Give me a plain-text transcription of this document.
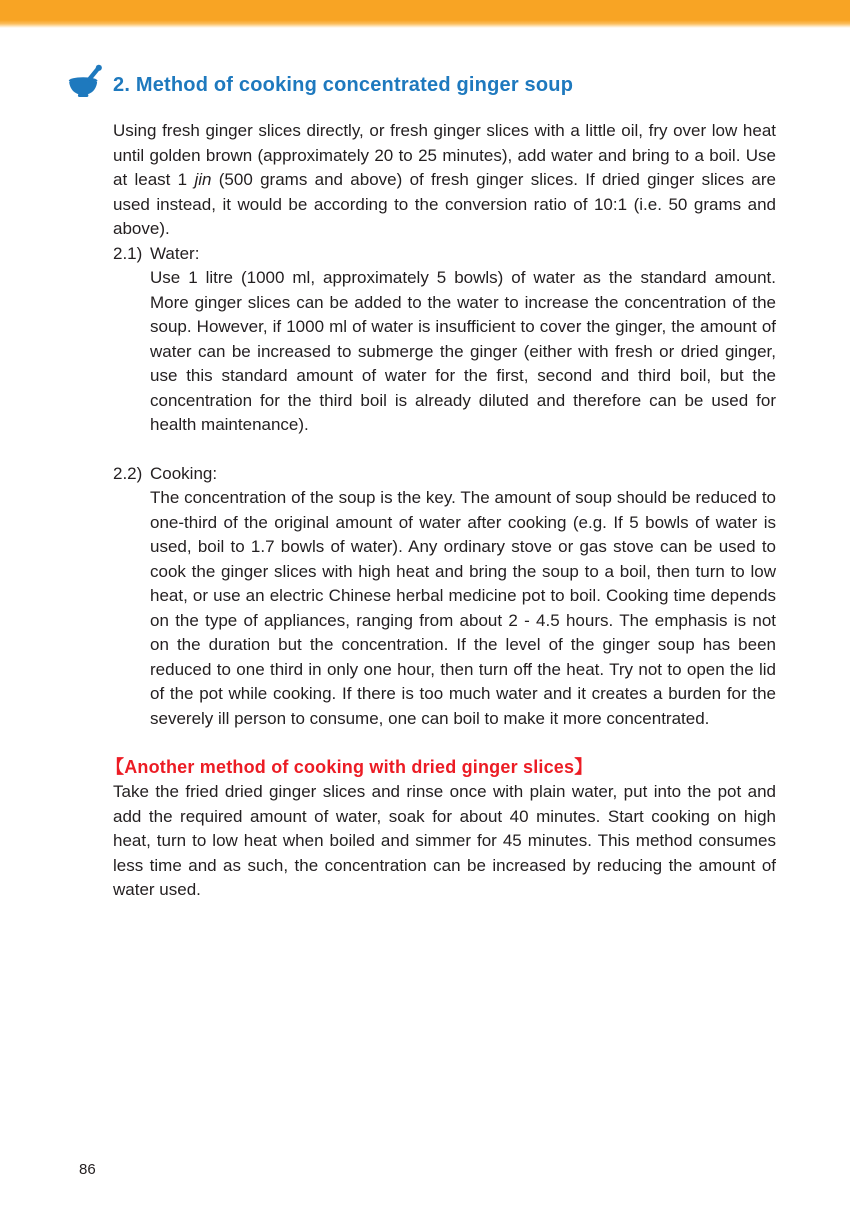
2. Method of cooking concentrated ginger soup

Using fresh ginger slices directly, or fresh ginger slices with a little oil, fry over low heat until golden brown (approximately 20 to 25 minutes), add water and bring to a boil. Use at least 1 jin (500 grams and above) of fresh ginger slices. If dried ginger slices are used instead, it would be according to the conversion ratio of 10:1 (i.e. 50 grams and above).

2.1) Water:

Use 1 litre (1000 ml, approximately 5 bowls) of water as the standard amount. More ginger slices can be added to the water to increase the concentration of the soup. However, if 1000 ml of water is insufficient to cover the ginger, the amount of water can be increased to submerge the ginger (either with fresh or dried ginger, use this standard amount of water for the first, second and third boil, but the concentration for the third boil is already diluted and therefore can be used for health maintenance).

2.2) Cooking:

The concentration of the soup is the key. The amount of soup should be reduced to one-third of the original amount of water after cooking (e.g. If 5 bowls of water is used, boil to 1.7 bowls of water). Any ordinary stove or gas stove can be used to cook the ginger slices with high heat and bring the soup to a boil, then turn to low heat, or use an electric Chinese herbal medicine pot to boil. Cooking time depends on the type of appliances, ranging from about 2 - 4.5 hours. The emphasis is not on the duration but the concentration. If the level of the ginger soup has been reduced to one third in only one hour, then turn off the heat. Try not to open the lid of the pot while cooking. If there is too much water and it creates a burden for the severely ill person to consume, one can boil to make it more concentrated.

【Another method of cooking with dried ginger slices】

Take the fried dried ginger slices and rinse once with plain water, put into the pot and add the required amount of water, soak for about 40 minutes. Start cooking on high heat, turn to low heat when boiled and simmer for 45 minutes. This method consumes less time and as such, the concentration can be increased by reducing the amount of water used.

86
